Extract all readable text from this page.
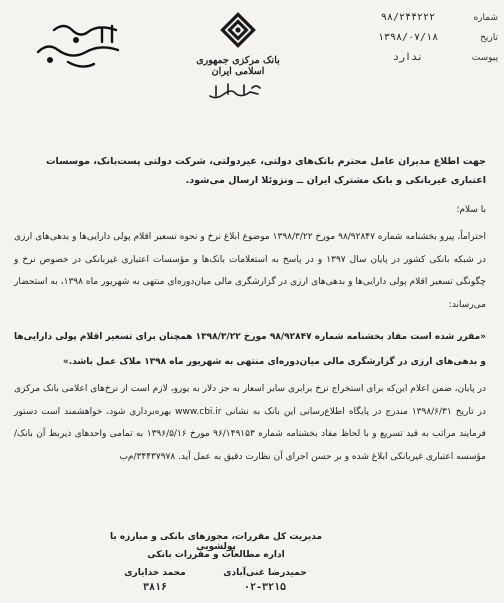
شماره
۹۸/۲۴۴۲۲۲
تاریخ
۱۳۹۸/۰۷/۱۸
پیوست
ندارد
بانک مرکزی جمهوری اسلامی ایران
جهت اطلاع مدیران عامل محترم بانک‌های دولتی، غیردولتی، شرکت دولتی پست‌بانک، موسسات اعتباری غیربانکی و بانک مشترک ایران ــ ونزوئلا ارسال می‌شود.
با سلام؛
احتراماً، پیرو بخشنامه شماره ۹۸/۹۲۸۴۷ مورخ ۱۳۹۸/۳/۲۲ موضوع ابلاغ نرخ و نحوه تسعیر اقلام پولی دارایی‌ها و بدهی‌های ارزی در شبکه بانکی کشور در پایان سال ۱۳۹۷ و در پاسخ به استعلامات بانک‌ها و مؤسسات اعتباری غیربانکی در خصوص نرخ و چگونگی تسعیر اقلام پولی دارایی‌ها و بدهی‌های ارزی در گزارشگری مالی میان‌دوره‌ای منتهی به شهریور ماه ۱۳۹۸، به استحضار می‌رساند:
«مقرر شده است مفاد بخشنامه شماره ۹۸/۹۲۸۴۷ مورخ ۱۳۹۸/۳/۲۲ همچنان برای تسعیر اقلام پولی دارایی‌ها و بدهی‌های ارزی در گزارشگری مالی میان‌دوره‌ای منتهی به شهریور ماه ۱۳۹۸ ملاک عمل باشد.»
در پایان، ضمن اعلام این‌که برای استخراج نرخ برابری سایر اسعار به جز دلار به یورو، لازم است از نرخ‌های اعلامی بانک مرکزی در تاریخ ۱۳۹۸/۶/۳۱ مندرج در پایگاه اطلاع‌رسانی این بانک به نشانی www.cbi.ir بهره‌برداری شود، خواهشمند است دستور فرمایند مراتب به قید تسریع و با لحاظ مفاد بخشنامه شماره ۹۶/۱۴۹۱۵۳ مورخ ۱۳۹۶/۵/۱۶ به تمامی واحدهای ذیربط آن بانک/مؤسسه اعتباری غیربانکی ابلاغ شده و بر حسن اجرای آن نظارت دقیق به عمل آید. ۳۴۴۳۷۹۷۸/م‌ب
مدیریت کل مقررات، مجوزهای بانکی و مبارزه با پولشویی
اداره مطالعات و مقررات بانکی
حمیدرضا غنی‌آبادی
۰۲-۳۲۱۵
محمد خدایاری
۳۸۱۶
